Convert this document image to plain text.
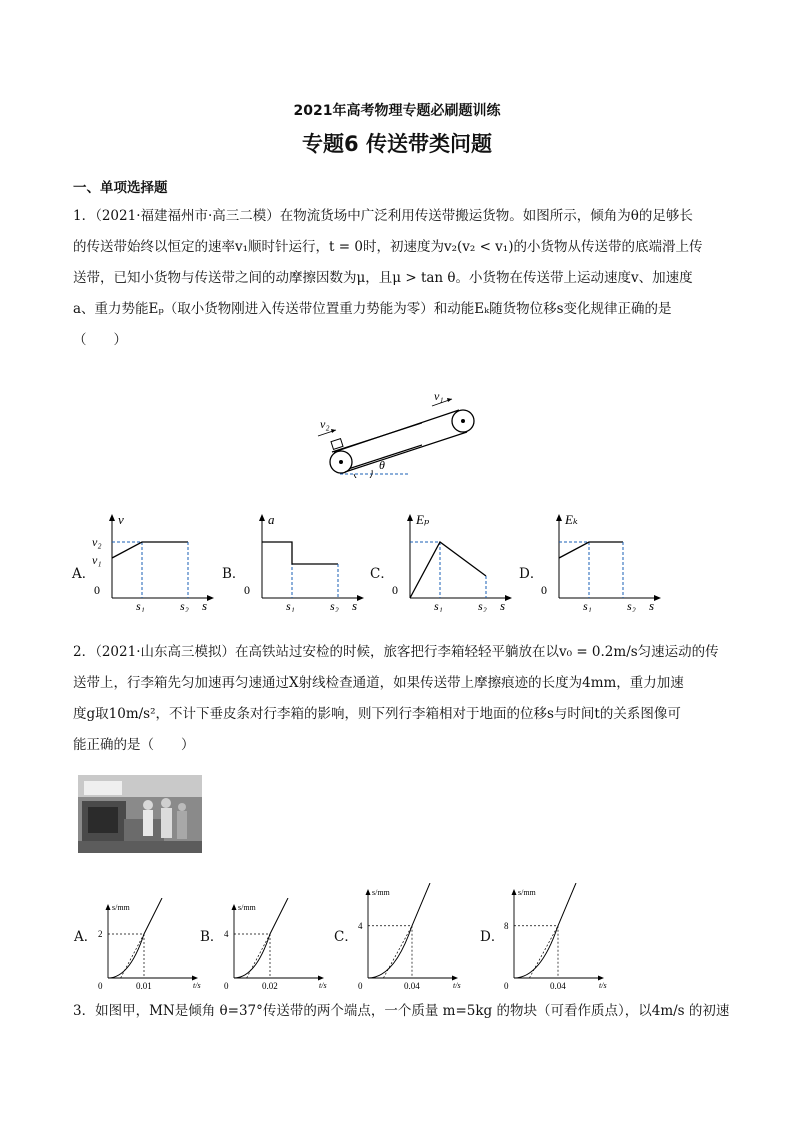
2021年高考物理专题必刷题训练
专题6 传送带类问题
一、单项选择题
1．（2021·福建福州市·高三二模）在物流货场中广泛利用传送带搬运货物。如图所示，倾角为θ的足够长
的传送带始终以恒定的速率v₁顺时针运行，t = 0时，初速度为v₂(v₂ < v₁)的小货物从传送带的底端滑上传
送带，已知小货物与传送带之间的动摩擦因数为μ，且μ > tan θ。小货物在传送带上运动速度v、加速度
a、重力势能Eₚ（取小货物刚进入传送带位置重力势能为零）和动能Eₖ随货物位移s变化规律正确的是
（　　）
θ
v₂
v₁
v
0
s
s₁	s₂
v₂
v₁
a
0
s
s₁	s₂
Eₚ
0
s
s₁	s₂
Eₖ
0
s
s₁	s₂
2．（2021·山东高三模拟）在高铁站过安检的时候，旅客把行李箱轻轻平躺放在以v₀ = 0.2m/s匀速运动的传
送带上，行李箱先匀加速再匀速通过X射线检查通道，如果传送带上摩擦痕迹的长度为4mm，重力加速
度g取10m/s²，不计下垂皮条对行李箱的影响，则下列行李箱相对于地面的位移s与时间t的关系图像可
能正确的是（　　）
s/mm
0	t/s
2
0.01
s/mm
0	t/s
4
0.02
s/mm
0	t/s
4
0.04
s/mm
0	t/s
8
0.04
3．如图甲，MN是倾角 θ=37°传送带的两个端点，一个质量 m=5kg 的物块（可看作质点），以4m/s 的初速
A．	B．	C．	D．
A．	B．	C．	D．
